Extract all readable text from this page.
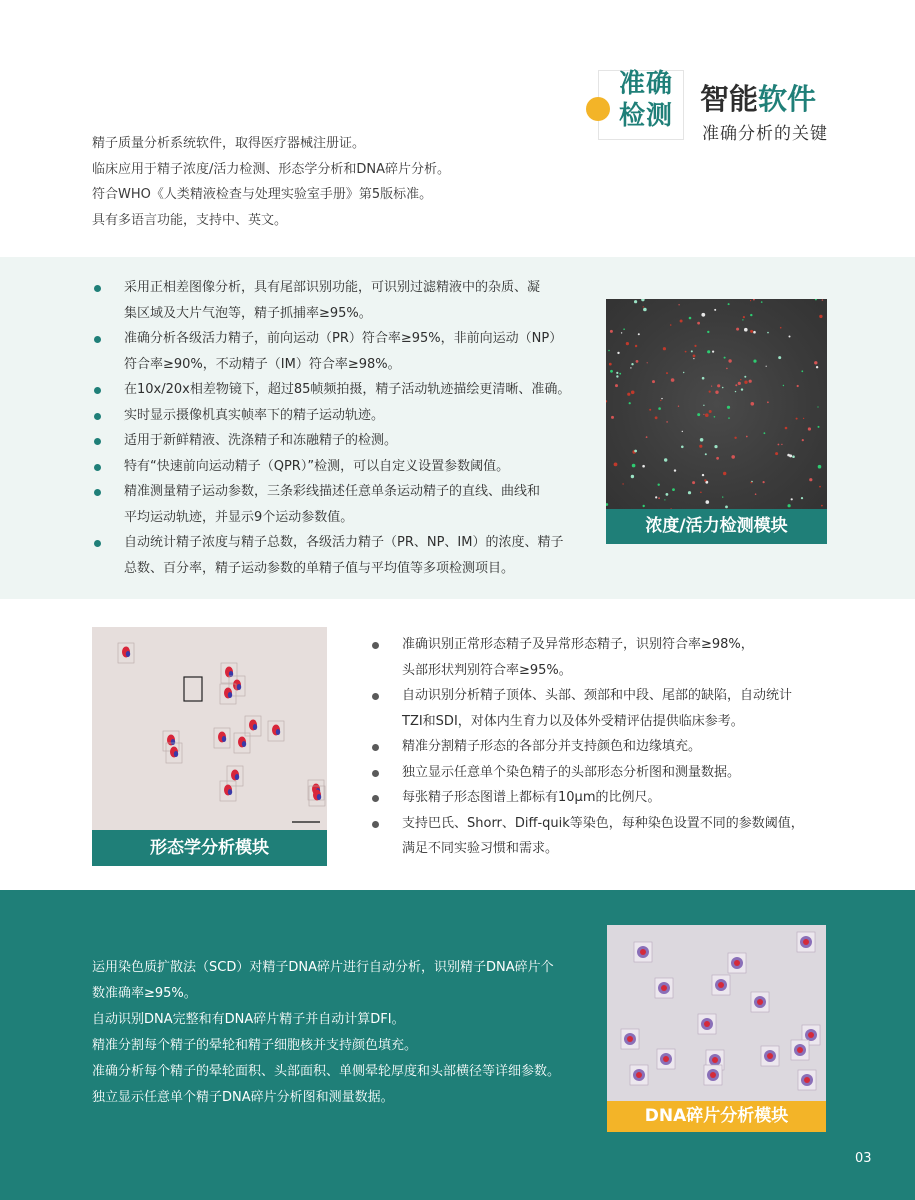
准确
检测 智能软件
准确分析的关键

精子质量分析系统软件，取得医疗器械注册证。

临床应用于精子浓度/活力检测、形态学分析和DNA碎片分析。

符合WHO《人类精液检查与处理实验室手册》第5版标准。

具有多语言功能，支持中、英文。

采用正相差图像分析，具有尾部识别功能，可识别过滤精液中的杂质、凝
集区域及大片气泡等，精子抓捕率≥95%。
准确分析各级活力精子，前向运动（PR）符合率≥95%，非前向运动（NP）
符合率≥90%，不动精子（IM）符合率≥98%。
在10x/20x相差物镜下，超过85帧频拍摄，精子活动轨迹描绘更清晰、准确。
实时显示摄像机真实帧率下的精子运动轨迹。
适用于新鲜精液、洗涤精子和冻融精子的检测。
特有“快速前向运动精子（QPR）”检测，可以自定义设置参数阈值。
精准测量精子运动参数，三条彩线描述任意单条运动精子的直线、曲线和
平均运动轨迹，并显示9个运动参数值。
自动统计精子浓度与精子总数，各级活力精子（PR、NP、IM）的浓度、精子
总数、百分率，精子运动参数的单精子值与平均值等多项检测项目。
浓度/活力检测模块
形态学分析模块
准确识别正常形态精子及异常形态精子，识别符合率≥98%，
头部形状判别符合率≥95%。
自动识别分析精子顶体、头部、颈部和中段、尾部的缺陷，自动统计
TZI和SDI，对体内生育力以及体外受精评估提供临床参考。
精准分割精子形态的各部分并支持颜色和边缘填充。
独立显示任意单个染色精子的头部形态分析图和测量数据。
每张精子形态图谱上都标有10μm的比例尺。
支持巴氏、Shorr、Diff-quik等染色，每种染色设置不同的参数阈值，
满足不同实验习惯和需求。

运用染色质扩散法（SCD）对精子DNA碎片进行自动分析，识别精子DNA碎片个

数准确率≥95%。

自动识别DNA完整和有DNA碎片精子并自动计算DFI。

精准分割每个精子的晕轮和精子细胞核并支持颜色填充。

准确分析每个精子的晕轮面积、头部面积、单侧晕轮厚度和头部横径等详细参数。

独立显示任意单个精子DNA碎片分析图和测量数据。

DNA碎片分析模块
03
